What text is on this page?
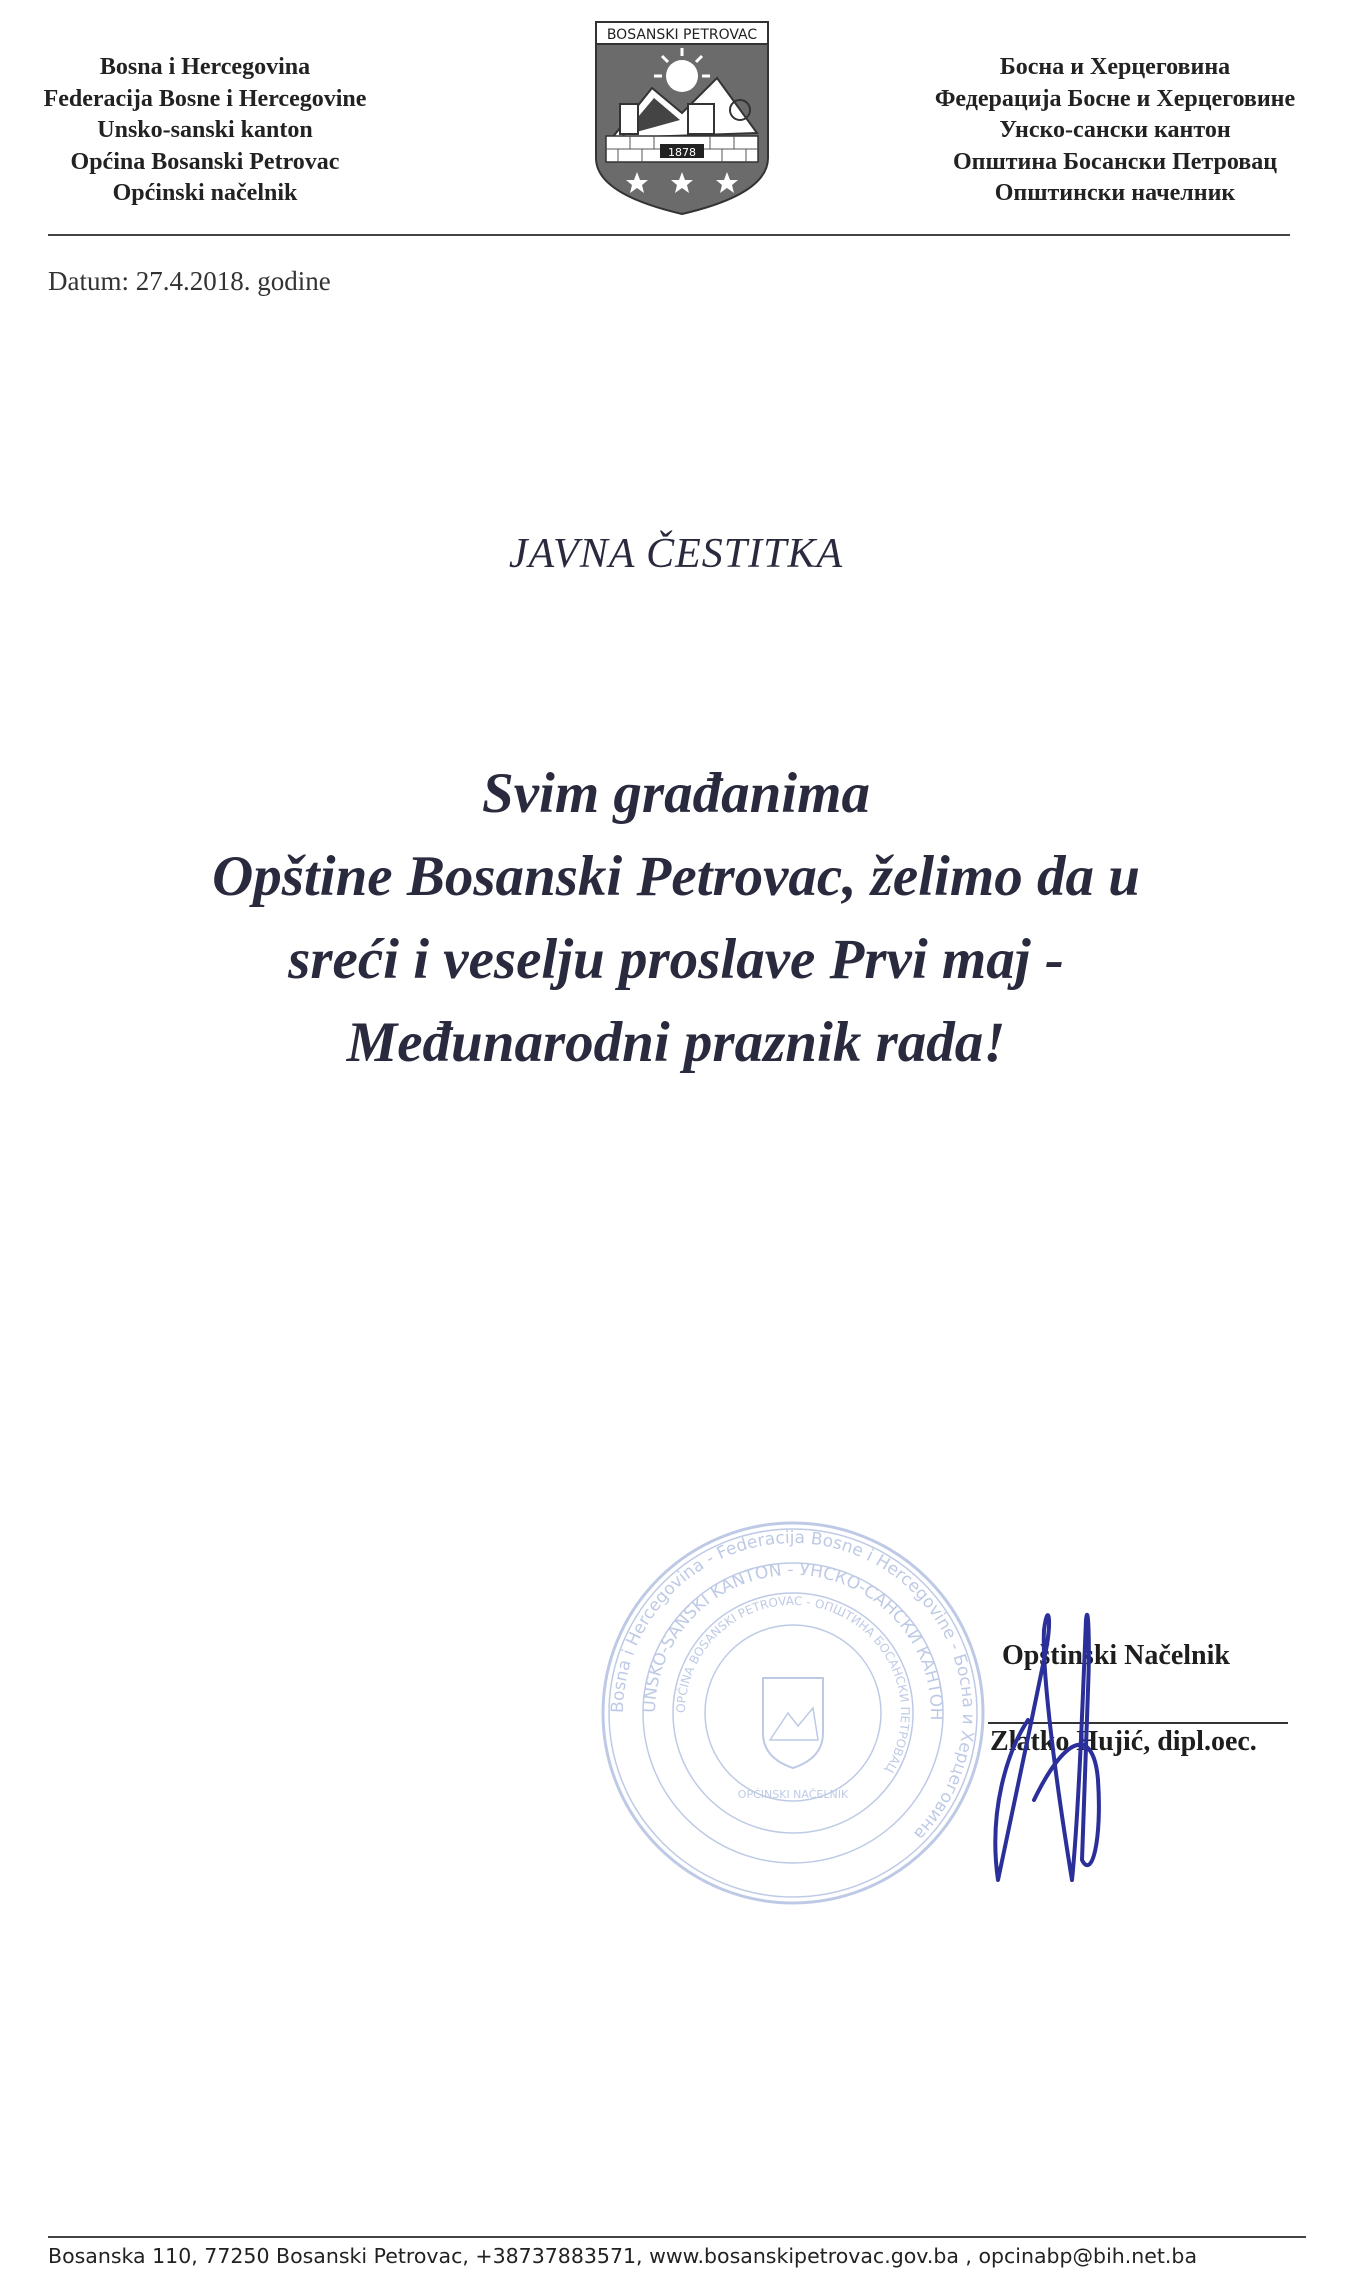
Bosna i Hercegovina
Federacija Bosne i Hercegovine
Unsko-sanski kanton
Općina Bosanski Petrovac
Općinski načelnik
BOSANSKI PETROVAC
1878
Босна и Херцеговина
Федерација Босне и Херцеговине
Унско-сански кантон
Општина Босански Петровац
Општински начелник
Datum: 27.4.2018. godine
JAVNA ČESTITKA
Svim građanima
Opštine Bosanski Petrovac, želimo da u
sreći i veselju proslave Prvi maj -
Međunarodni praznik rada!
Bosna i Hercegovina - Federacija Bosne i Hercegovine - Босна и Херцеговина
UNSKO-SANSKI KANTON - УНСКО-САНСКИ КАНТОН
OPĆINA BOSANSKI PETROVAC - ОПШТИНА БОСАНСКИ ПЕТРОВАЦ
OPĆINSKI NAČELNIK
Opštinski Načelnik
Zlatko Hujić, dipl.oec.
Bosanska 110, 77250 Bosanski Petrovac, +38737883571, www.bosanskipetrovac.gov.ba , opcinabp@bih.net.ba
